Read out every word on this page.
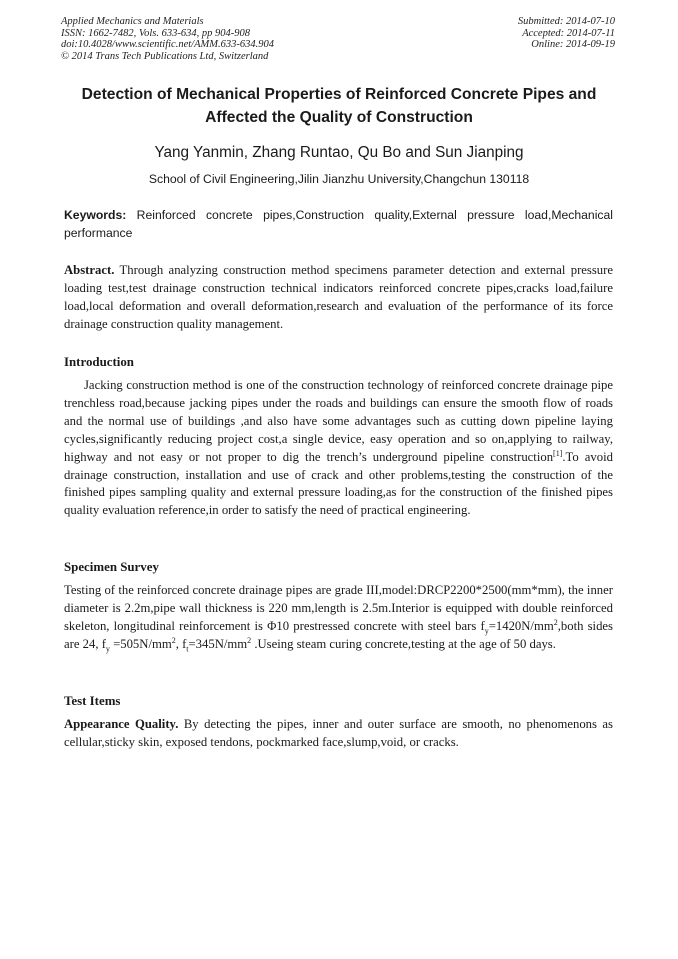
Applied Mechanics and Materials
ISSN: 1662-7482, Vols. 633-634, pp 904-908
doi:10.4028/www.scientific.net/AMM.633-634.904
© 2014 Trans Tech Publications Ltd, Switzerland
Submitted: 2014-07-10
Accepted: 2014-07-11
Online: 2014-09-19
Detection of Mechanical Properties of Reinforced Concrete Pipes and
Affected the Quality of Construction
Yang Yanmin, Zhang Runtao, Qu Bo and Sun Jianping
School of Civil Engineering,Jilin Jianzhu University,Changchun 130118
Keywords: Reinforced concrete pipes,Construction quality,External pressure load,Mechanical performance
Abstract. Through analyzing construction method specimens parameter detection and external pressure loading test,test drainage construction technical indicators reinforced concrete pipes,cracks load,failure load,local deformation and overall deformation,research and evaluation of the performance of its force drainage construction quality management.
Introduction
Jacking construction method is one of the construction technology of reinforced concrete drainage pipe trenchless road,because jacking pipes under the roads and buildings can ensure the smooth flow of roads and the normal use of buildings ,and also have some advantages such as cutting down pipeline laying cycles,significantly reducing project cost,a single device, easy operation and so on,applying to railway, highway and not easy or not proper to dig the trench’s underground pipeline construction[1].To avoid drainage construction, installation and use of crack and other problems,testing the construction of the finished pipes sampling quality and external pressure loading,as for the construction of the finished pipes quality evaluation reference,in order to satisfy the need of practical engineering.
Specimen Survey
Testing of the reinforced concrete drainage pipes are grade III,model:DRCP2200*2500(mm*mm), the inner diameter is 2.2m,pipe wall thickness is 220 mm,length is 2.5m.Interior is equipped with double reinforced skeleton, longitudinal reinforcement is Φ10 prestressed concrete with steel bars $f_y=1420N/mm^2,both$ sides are 24, $f_y =505N/mm^2$, $f_t=345N/mm^2$ .Useing steam curing concrete,testing at the age of 50 days.
Test Items
Appearance Quality. By detecting the pipes, inner and outer surface are smooth, no phenomenons as cellular,sticky skin, exposed tendons, pockmarked face,slump,void, or cracks.
